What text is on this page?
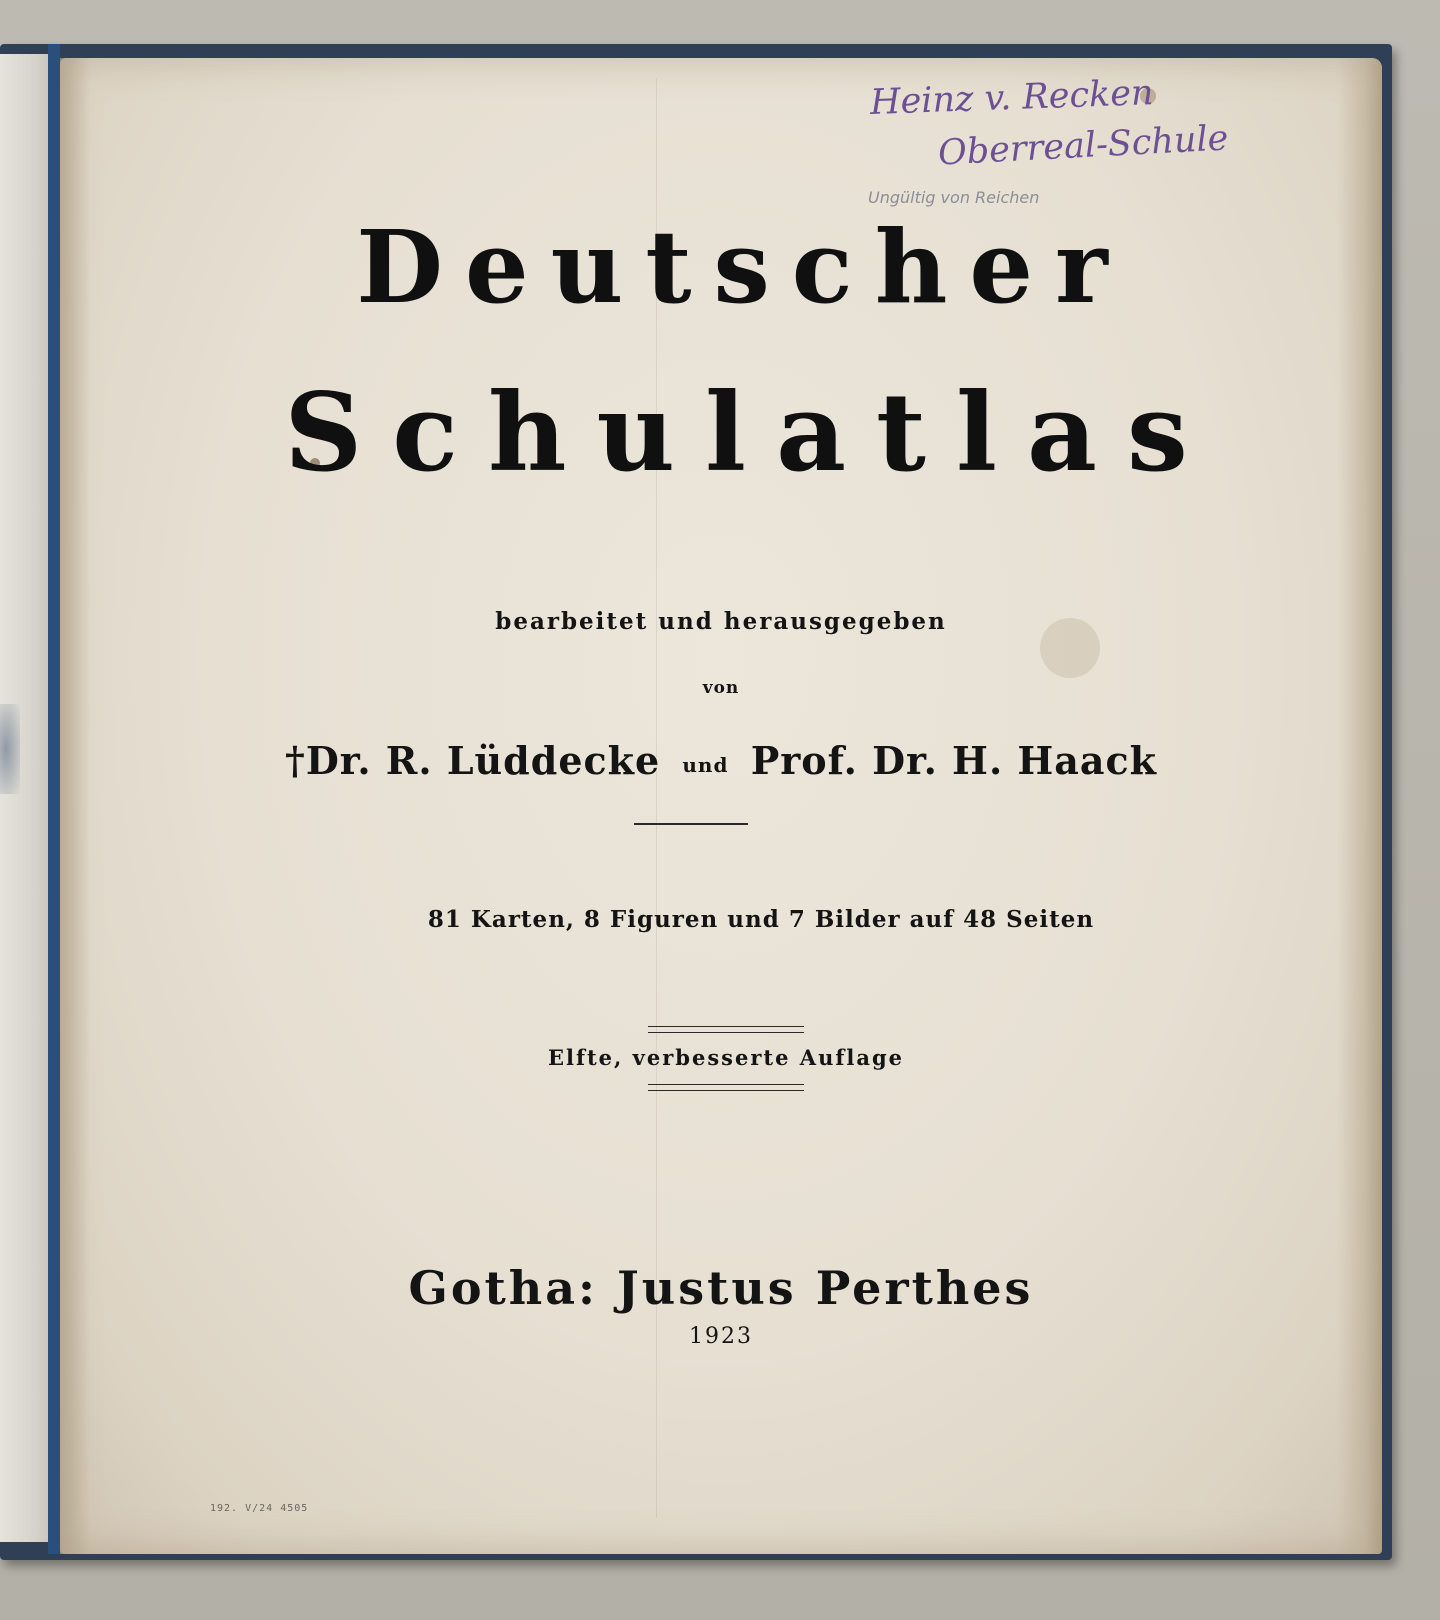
Heinz v. Recken
Oberreal-Schule
Ungültig von Reichen
Deutscher
Schulatlas
bearbeitet und herausgegeben
von
†Dr. R. Lüddecke und Prof. Dr. H. Haack
81 Karten, 8 Figuren und 7 Bilder auf 48 Seiten
Elfte, verbesserte Auflage
Gotha: Justus Perthes
1923
192. V/24 4505
